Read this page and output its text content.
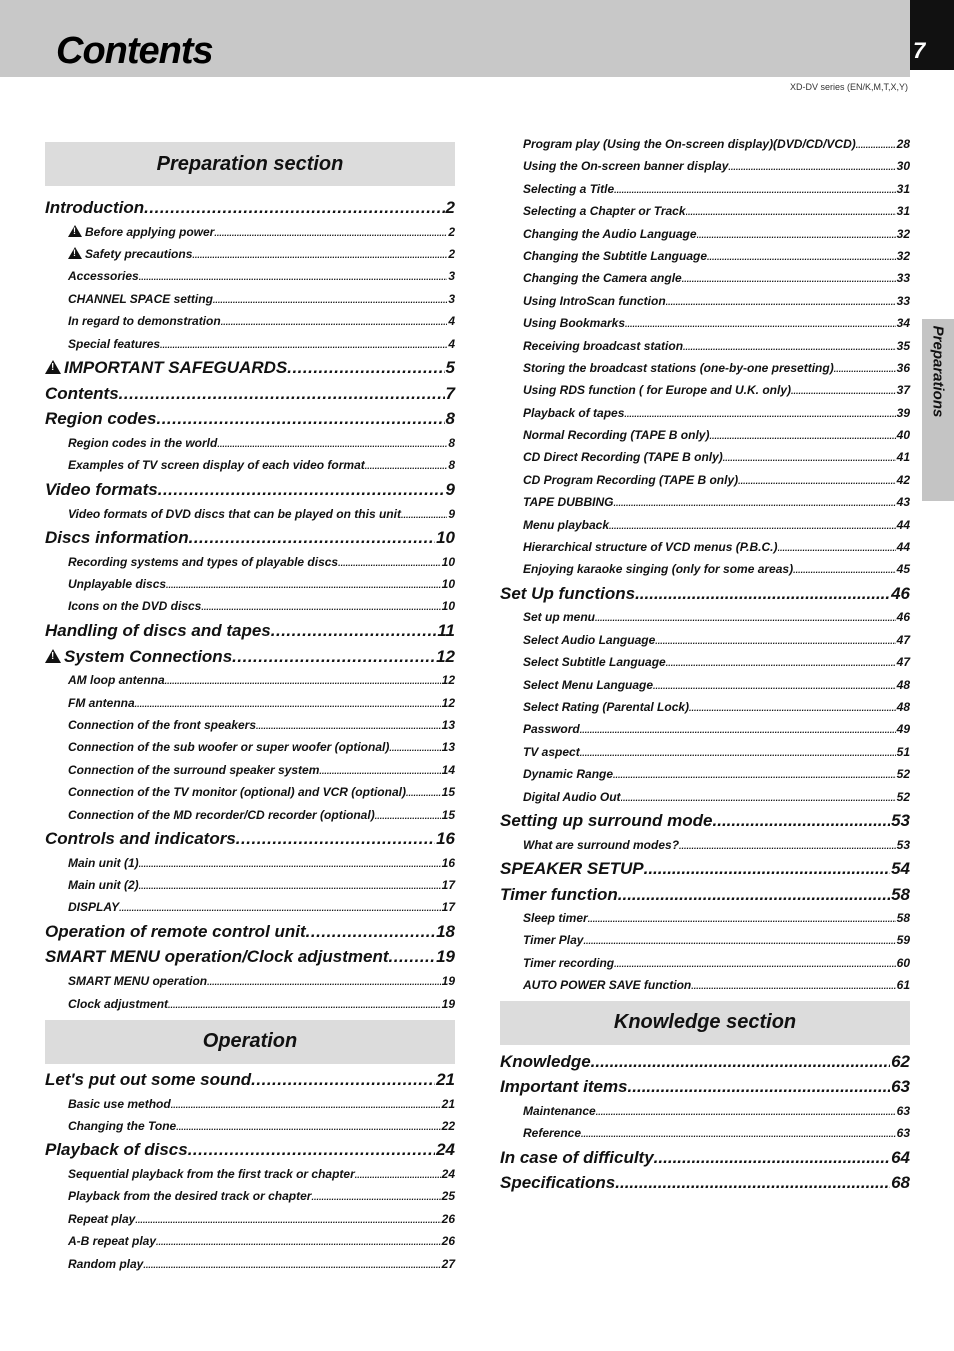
Contents	7
XD-DV series (EN/K,M,T,X,Y)
Preparations
Preparation section
Introduction .....	2
!
Before applying power .....	2
!
Safety precautions .....	2
Accessories .....	3
CHANNEL SPACE setting .....	3
In regard to demonstration .....	4
Special features .....	4
!
IMPORTANT SAFEGUARDS .....	5
Contents .....	7
Region codes .....	8
Region codes in the world .....	8
Examples of TV screen display of each video format .....	8
Video formats .....	9
Video formats of DVD discs that can be played on this unit .....	9
Discs information .....	10
Recording systems and types of playable discs .....	10
Unplayable discs .....	10
Icons on the DVD discs .....	10
Handling of discs and tapes .....	11
!
System Connections .....	12
AM loop antenna .....	12
FM antenna .....	12
Connection of the front speakers .....	13
Connection of the sub woofer or super woofer (optional) .....	13
Connection of the surround speaker system .....	14
Connection of the TV monitor (optional) and VCR (optional) .....	15
Connection of the MD recorder/CD recorder (optional) .....	15
Controls and indicators .....	16
Main unit (1) .....	16
Main unit (2) .....	17
DISPLAY .....	17
Operation of remote control unit .....	18
SMART MENU operation/Clock adjustment .....	19
SMART MENU operation .....	19
Clock adjustment .....	19
Operation
Let's put out some sound .....	21
Basic use method .....	21
Changing the Tone .....	22
Playback of discs .....	24
Sequential playback from the first track or chapter .....	24
Playback from the desired track or chapter .....	25
Repeat play .....	26
A-B repeat play .....	26
Random play .....	27
Program play (Using the On-screen display)(DVD/CD/VCD) .....	28
Using the On-screen banner display .....	30
Selecting a Title .....	31
Selecting a Chapter or Track .....	31
Changing the Audio Language .....	32
Changing the Subtitle Language .....	32
Changing the Camera angle .....	33
Using IntroScan function .....	33
Using Bookmarks .....	34
Receiving broadcast station .....	35
Storing the broadcast stations (one-by-one presetting) .....	36
Using RDS function ( for Europe and U.K. only) .....	37
Playback of tapes .....	39
Normal Recording (TAPE B only) .....	40
CD Direct Recording (TAPE B only) .....	41
CD Program Recording (TAPE B only) .....	42
TAPE DUBBING .....	43
Menu playback .....	44
Hierarchical structure of VCD menus (P.B.C.) .....	44
Enjoying karaoke singing (only for some areas) .....	45
Set Up functions .....	46
Set up menu .....	46
Select Audio Language .....	47
Select Subtitle Language .....	47
Select Menu Language .....	48
Select Rating (Parental Lock) .....	48
Password .....	49
TV aspect .....	51
Dynamic Range .....	52
Digital Audio Out .....	52
Setting up surround mode .....	53
What are surround modes? .....	53
SPEAKER SETUP .....	54
Timer function .....	58
Sleep timer .....	58
Timer Play .....	59
Timer recording .....	60
AUTO POWER SAVE function .....	61
Knowledge section
Knowledge .....	62
Important items .....	63
Maintenance .....	63
Reference .....	63
In case of difficulty .....	64
Specifications .....	68
